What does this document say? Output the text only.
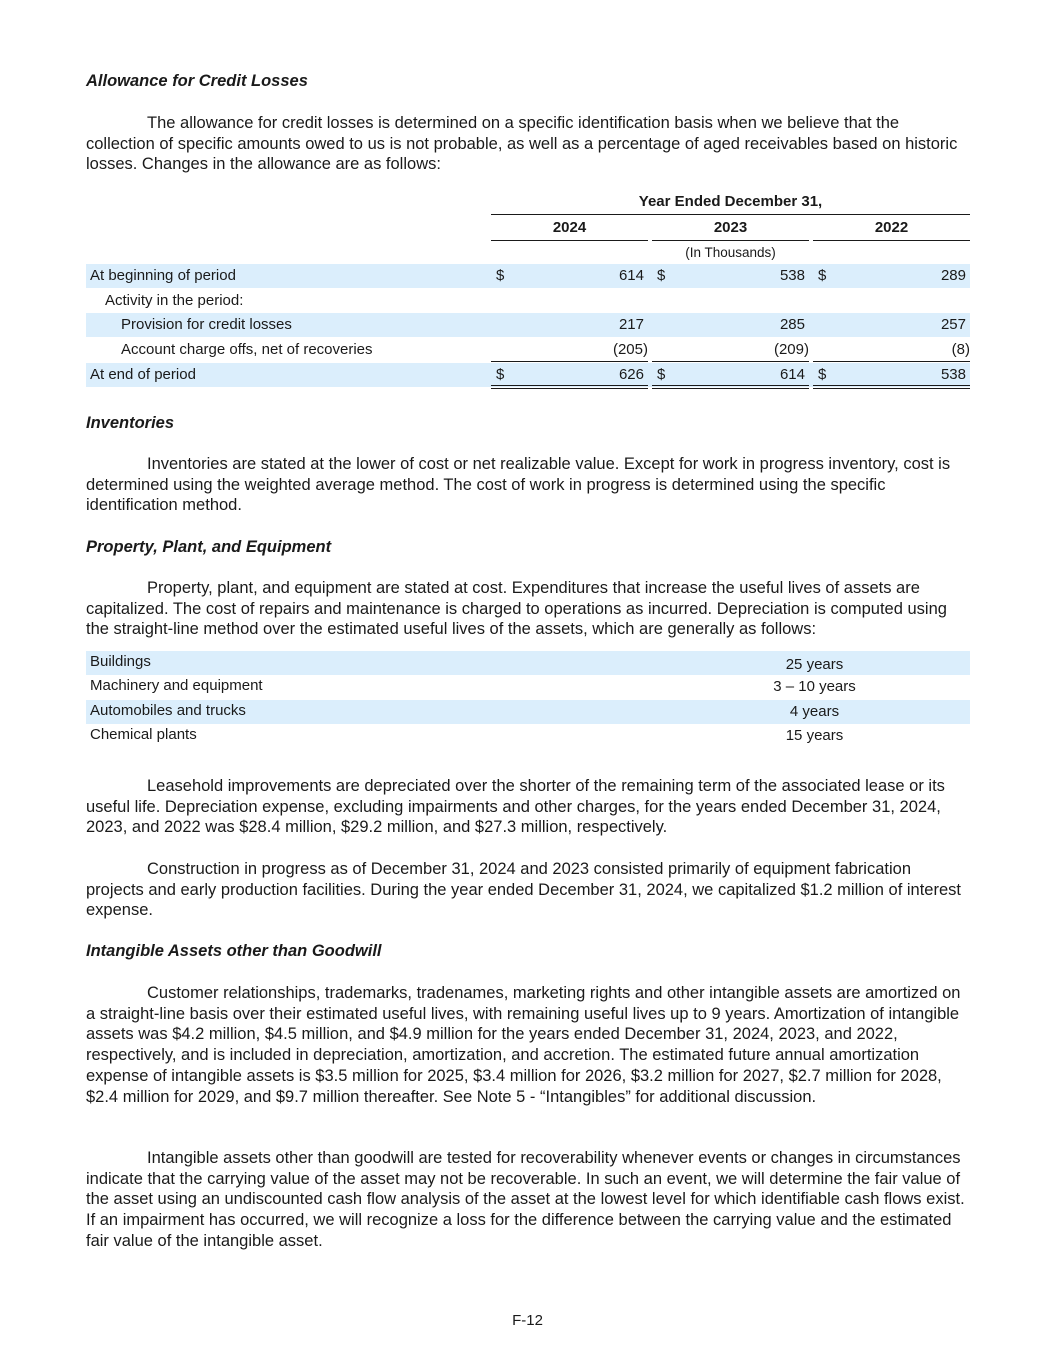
Allowance for Credit Losses

The allowance for credit losses is determined on a specific identification basis when we believe that the collection of specific amounts owed to us is not probable, as well as a percentage of aged receivables based on historic losses. Changes in the allowance are as follows:

Year Ended December 31,
2024	2023	2022
(In Thousands)
At beginning of period	$	614 $	538 $	289
Activity in the period:
Provision for credit losses	217	285	257
Account charge offs, net of recoveries	(205)	(209)	(8)
At end of period	$	626 $	614 $	538
Inventories

Inventories are stated at the lower of cost or net realizable value. Except for work in progress inventory, cost is determined using the weighted average method. The cost of work in progress is determined using the specific identification method.

Property, Plant, and Equipment

Property, plant, and equipment are stated at cost. Expenditures that increase the useful lives of assets are capitalized. The cost of repairs and maintenance is charged to operations as incurred. Depreciation is computed using the straight-line method over the estimated useful lives of the assets, which are generally as follows:

Buildings	25 years
Machinery and equipment	3 – 10 years
Automobiles and trucks	4 years
Chemical plants	15 years

Leasehold improvements are depreciated over the shorter of the remaining term of the associated lease or its useful life. Depreciation expense, excluding impairments and other charges, for the years ended December 31, 2024, 2023, and 2022 was $28.4 million, $29.2 million, and $27.3 million, respectively.

Construction in progress as of December 31, 2024 and 2023 consisted primarily of equipment fabrication projects and early production facilities. During the year ended December 31, 2024, we capitalized $1.2 million of interest expense.

Intangible Assets other than Goodwill

Customer relationships, trademarks, tradenames, marketing rights and other intangible assets are amortized on a straight-line basis over their estimated useful lives, with remaining useful lives up to 9 years. Amortization of intangible assets was $4.2 million, $4.5 million, and $4.9 million for the years ended December 31, 2024, 2023, and 2022, respectively, and is included in depreciation, amortization, and accretion. The estimated future annual amortization expense of intangible assets is $3.5 million for 2025, $3.4 million for 2026, $3.2 million for 2027, $2.7 million for 2028, $2.4 million for 2029, and $9.7 million thereafter. See Note 5 - “Intangibles” for additional discussion.

Intangible assets other than goodwill are tested for recoverability whenever events or changes in circumstances indicate that the carrying value of the asset may not be recoverable. In such an event, we will determine the fair value of the asset using an undiscounted cash flow analysis of the asset at the lowest level for which identifiable cash flows exist. If an impairment has occurred, we will recognize a loss for the difference between the carrying value and the estimated fair value of the intangible asset.

F-12
